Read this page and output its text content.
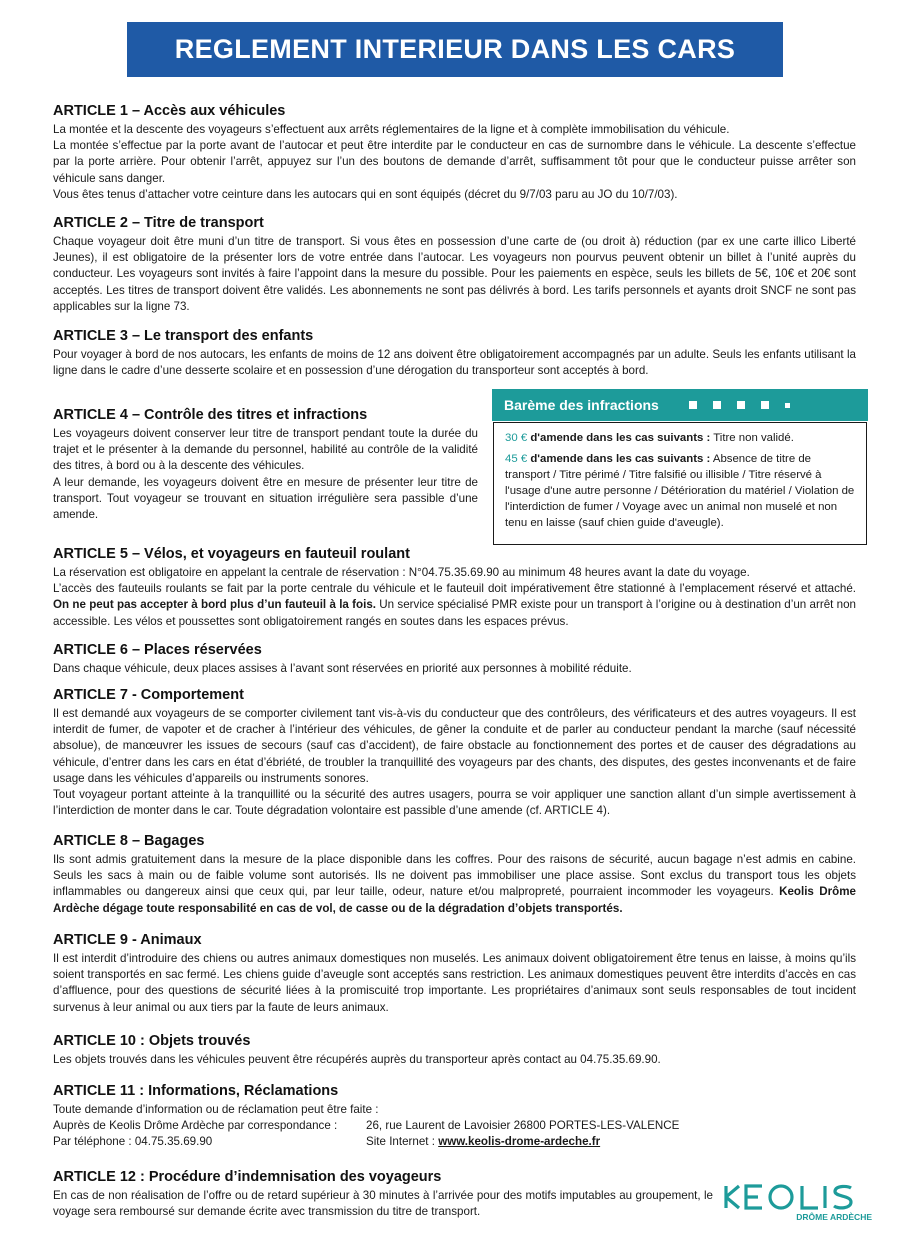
REGLEMENT INTERIEUR DANS LES CARS
ARTICLE 1 – Accès aux véhicules

La montée et la descente des voyageurs s’effectuent aux arrêts réglementaires de la ligne et à complète immobilisation du véhicule.

La montée s’effectue par la porte avant de l’autocar et peut être interdite par le conducteur en cas de surnombre dans le véhicule. La descente s’effectue par la porte arrière. Pour obtenir l’arrêt, appuyez sur l’un des boutons de demande d’arrêt, suffisamment tôt pour que le conducteur puisse arrêter son véhicule sans danger.

Vous êtes tenus d’attacher votre ceinture dans les autocars qui en sont équipés (décret du 9/7/03 paru au JO du 10/7/03).

ARTICLE 2 – Titre de transport

Chaque voyageur doit être muni d’un titre de transport. Si vous êtes en possession d’une carte de (ou droit à) réduction (par ex une carte illico Liberté Jeunes), il est obligatoire de la présenter lors de votre entrée dans l’autocar. Les voyageurs non pourvus peuvent obtenir un billet à l’unité auprès du conducteur. Les voyageurs sont invités à faire l’appoint dans la mesure du possible. Pour les paiements en espèce, seuls les billets de 5€, 10€ et 20€ sont acceptés. Les titres de transport doivent être validés. Les abonnements ne sont pas délivrés à bord. Les tarifs personnels et ayants droit SNCF ne sont pas applicables sur la ligne 73.

ARTICLE 3 – Le transport des enfants

Pour voyager à bord de nos autocars, les enfants de moins de 12 ans doivent être obligatoirement accompagnés par un adulte. Seuls les enfants utilisant la ligne dans le cadre d’une desserte scolaire et en possession d’une dérogation du transporteur sont acceptés à bord.

ARTICLE 4 – Contrôle des titres et infractions

Les voyageurs doivent conserver leur titre de transport pendant toute la durée du trajet et le présenter à la demande du personnel, habilité au contrôle de la validité des titres, à bord ou à la descente des véhicules.

A leur demande, les voyageurs doivent être en mesure de présenter leur titre de transport. Tout voyageur se trouvant en situation irrégulière sera passible d’une amende.

Barème des infractions
30 € d'amende dans les cas suivants : Titre non validé.
45 € d'amende dans les cas suivants : Absence de titre de transport / Titre périmé / Titre falsifié ou illisible / Titre réservé à l'usage d'une autre personne / Détérioration du matériel / Violation de l'interdiction de fumer / Voyage avec un animal non muselé et non tenu en laisse (sauf chien guide d'aveugle).
ARTICLE 5 – Vélos, et voyageurs en fauteuil roulant

La réservation est obligatoire en appelant la centrale de réservation : N°04.75.35.69.90 au minimum 48 heures avant la date du voyage.

L’accès des fauteuils roulants se fait par la porte centrale du véhicule et le fauteuil doit impérativement être stationné à l’emplacement réservé et attaché. On ne peut pas accepter à bord plus d’un fauteuil à la fois. Un service spécialisé PMR existe pour un transport à l’origine ou à destination d’un arrêt non accessible. Les vélos et poussettes sont obligatoirement rangés en soutes dans les espaces prévus.

ARTICLE 6 – Places réservées

Dans chaque véhicule, deux places assises à l’avant sont réservées en priorité aux personnes à mobilité réduite.

ARTICLE 7 - Comportement

Il est demandé aux voyageurs de se comporter civilement tant vis-à-vis du conducteur que des contrôleurs, des vérificateurs et des autres voyageurs. Il est interdit de fumer, de vapoter et de cracher à l’intérieur des véhicules, de gêner la conduite et de parler au conducteur pendant la marche (sauf nécessité absolue), de manœuvrer les issues de secours (sauf cas d’accident), de faire obstacle au fonctionnement des portes et de causer des dégradations au véhicule, d’entrer dans les cars en état d’ébriété, de troubler la tranquillité des voyageurs par des chants, des disputes, des gestes inconvenants et de faire usage dans les véhicules d’appareils ou instruments sonores.

Tout voyageur portant atteinte à la tranquillité ou la sécurité des autres usagers, pourra se voir appliquer une sanction allant d’un simple avertissement à l’interdiction de monter dans le car. Toute dégradation volontaire est passible d’une amende (cf. ARTICLE 4).

ARTICLE 8 – Bagages

Ils sont admis gratuitement dans la mesure de la place disponible dans les coffres. Pour des raisons de sécurité, aucun bagage n’est admis en cabine. Seuls les sacs à main ou de faible volume sont autorisés. Ils ne doivent pas immobiliser une place assise. Sont exclus du transport tous les objets inflammables ou dangereux ainsi que ceux qui, par leur taille, odeur, nature et/ou malpropreté, pourraient incommoder les voyageurs. Keolis Drôme Ardèche dégage toute responsabilité en cas de vol, de casse ou de la dégradation d’objets transportés.

ARTICLE 9 - Animaux

Il est interdit d’introduire des chiens ou autres animaux domestiques non muselés. Les animaux doivent obligatoirement être tenus en laisse, à moins qu’ils soient transportés en sac fermé. Les chiens guide d’aveugle sont acceptés sans restriction. Les animaux domestiques peuvent être interdits d’accès en cas d’affluence, pour des questions de sécurité liées à la promiscuité trop importante. Les propriétaires d’animaux sont seuls responsables de tout incident survenus à leur animal ou aux tiers par la faute de leurs animaux.

ARTICLE 10 : Objets trouvés

Les objets trouvés dans les véhicules peuvent être récupérés auprès du transporteur après contact au 04.75.35.69.90.

ARTICLE 11 : Informations, Réclamations

Toute demande d’information ou de réclamation peut être faite :

Auprès de Keolis Drôme Ardèche par correspondance :	26, rue Laurent de Lavoisier 26800 PORTES-LES-VALENCE
Par téléphone : 04.75.35.69.90	Site Internet : www.keolis-drome-ardeche.fr
ARTICLE 12 : Procédure d’indemnisation des voyageurs

En cas de non réalisation de l’offre ou de retard supérieur à 30 minutes à l’arrivée pour des motifs imputables au groupement, le voyage sera remboursé sur demande écrite avec transmission du titre de transport.	DRÔME ARDÈCHE
